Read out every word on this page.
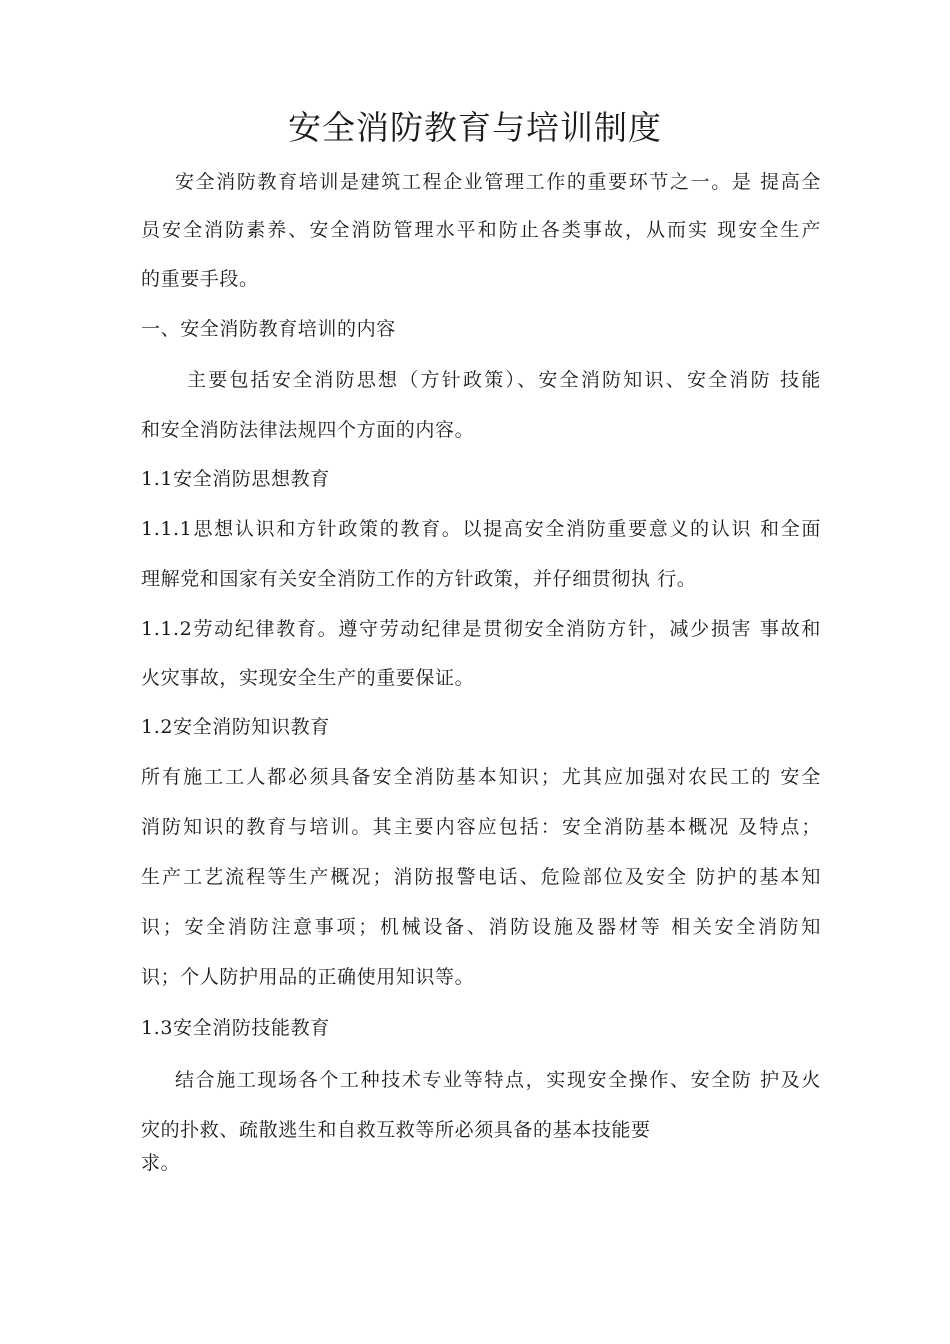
安全消防教育与培训制度
安全消防教育培训是建筑工程企业管理工作的重要环节之一。是 提高全
员安全消防素养、安全消防管理水平和防止各类事故，从而实 现安全生产
的重要手段。
一、安全消防教育培训的内容
主要包括安全消防思想（方针政策）、安全消防知识、安全消防 技能
和安全消防法律法规四个方面的内容。
1.1安全消防思想教育
1.1.1思想认识和方针政策的教育。以提高安全消防重要意义的认识 和全面
理解党和国家有关安全消防工作的方针政策，并仔细贯彻执 行。
1.1.2劳动纪律教育。遵守劳动纪律是贯彻安全消防方针，减少损害 事故和
火灾事故，实现安全生产的重要保证。
1.2安全消防知识教育
所有施工工人都必须具备安全消防基本知识；尤其应加强对农民工的 安全
消防知识的教育与培训。其主要内容应包括：安全消防基本概况 及特点；
生产工艺流程等生产概况；消防报警电话、危险部位及安全 防护的基本知
识；安全消防注意事项；机械设备、消防设施及器材等 相关安全消防知
识；个人防护用品的正确使用知识等。
1.3安全消防技能教育
结合施工现场各个工种技术专业等特点，实现安全操作、安全防 护及火
灾的扑救、疏散逃生和自救互救等所必须具备的基本技能要
求。
